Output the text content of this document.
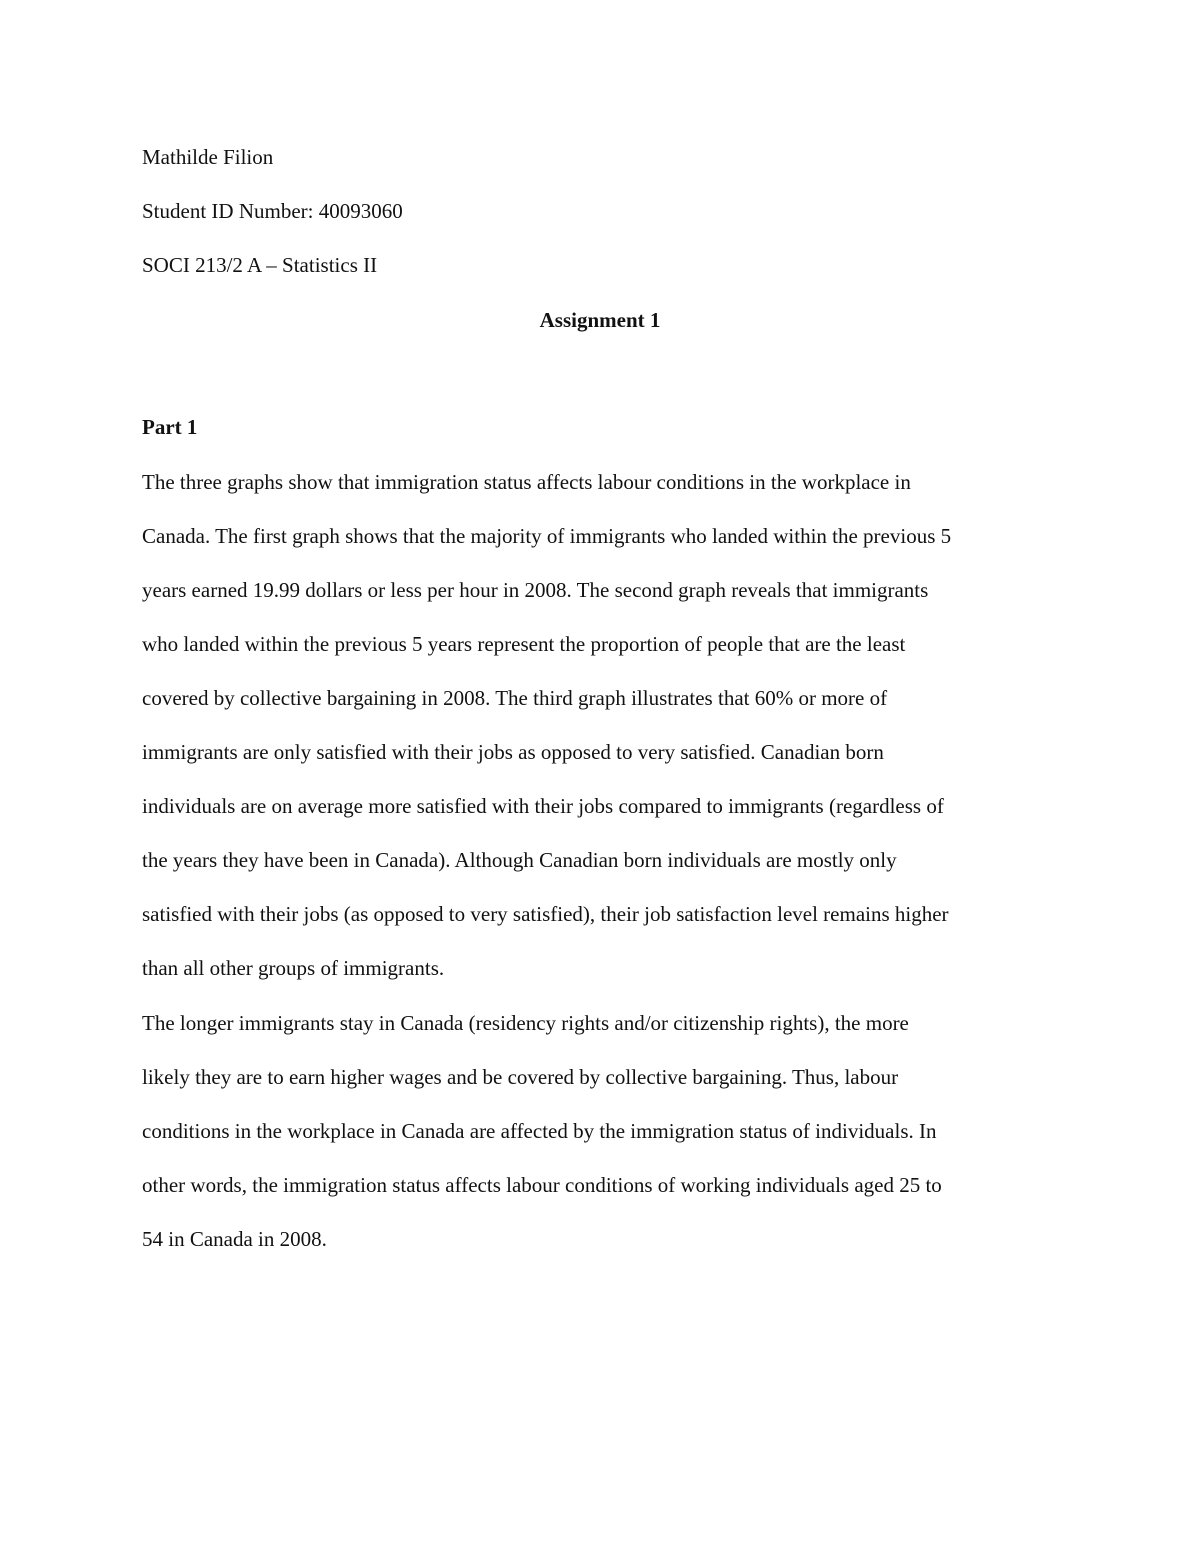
Mathilde Filion
Student ID Number: 40093060
SOCI 213/2 A – Statistics II
Assignment 1
Part 1
The three graphs show that immigration status affects labour conditions in the workplace in
Canada. The first graph shows that the majority of immigrants who landed within the previous 5
years earned 19.99 dollars or less per hour in 2008. The second graph reveals that immigrants
who landed within the previous 5 years represent the proportion of people that are the least
covered by collective bargaining in 2008. The third graph illustrates that 60% or more of
immigrants are only satisfied with their jobs as opposed to very satisfied. Canadian born
individuals are on average more satisfied with their jobs compared to immigrants (regardless of
the years they have been in Canada). Although Canadian born individuals are mostly only
satisfied with their jobs (as opposed to very satisfied), their job satisfaction level remains higher
than all other groups of immigrants.
The longer immigrants stay in Canada (residency rights and/or citizenship rights), the more
likely they are to earn higher wages and be covered by collective bargaining. Thus, labour
conditions in the workplace in Canada are affected by the immigration status of individuals. In
other words, the immigration status affects labour conditions of working individuals aged 25 to
54 in Canada in 2008.
